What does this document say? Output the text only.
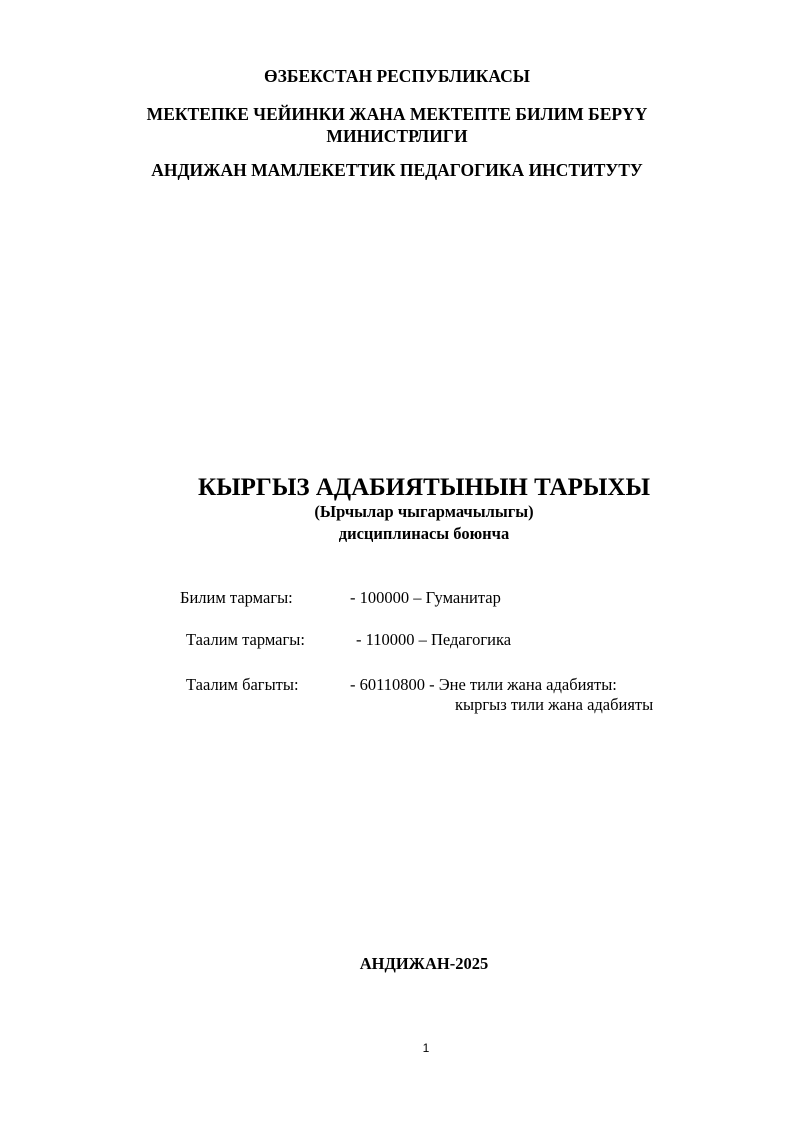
ӨЗБЕКСТАН РЕСПУБЛИКАСЫ
МЕКТЕПКЕ ЧЕЙИНКИ ЖАНА МЕКТЕПТЕ БИЛИМ БЕРҮҮ
МИНИСТРЛИГИ
АНДИЖАН МАМЛЕКЕТТИК ПЕДАГОГИКА ИНСТИТУТУ
КЫРГЫЗ АДАБИЯТЫНЫН ТАРЫХЫ
(Ырчылар чыгармачылыгы)
дисциплинасы боюнча
Билим тармагы:	- 100000 – Гуманитар
Таалим тармагы:	- 110000 – Педагогика
Таалим багыты:	- 60110800 - Эне тили жана адабияты:
кыргыз тили жана адабияты
АНДИЖАН-2025
1
